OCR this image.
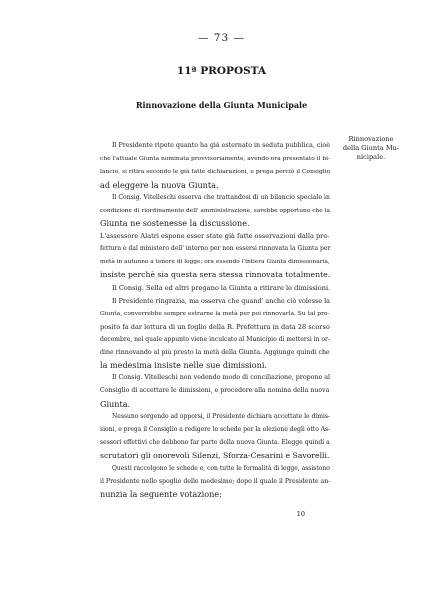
— 73 —
11ª PROPOSTA
Rinnovazione della Giunta Municipale
Rinnovazione
della Giunta Mu-
nicipale.
Il Presidente ripete quanto ha già esternato in seduta pubblica, cioè
che l'attuale Giunta nominata provvisoriamente, avendo ora presentato il bi-
lancio, si ritira secondo le già fatte dichiarazioni, e prega perciò il Consiglio
ad eleggere la nuova Giunta.
Il Consig. Vitelleschi osserva che trattandosi di un bilancio speciale in
condizione di riordinamento dell' amministrazione, sarebbe opportuno che la
Giunta ne sostenesse la discussione.
L'assessore Alatri espone esser state già fatte osservazioni dalla pre-
fettura e dal ministero dell' interno per non essersi rinnovata la Giunta per
metà in autunno a tenore di legge; ora essendo l'intiera Giunta dimissionaria,
insiste perchè sia questa sera stessa rinnovata totalmente.
Il Consig. Sella ed altri pregano la Giunta a ritirare le dimissioni.
Il Presidente ringrazia, ma osserva che quand' anche ciò volesse la
Giunta, converrebbe sempre estrarne la metà per poi rinnovarla. Su tal pro-
posito fa dar lettura di un foglio della R. Prefettura in data 28 scorso
decembre, nel quale appunto viene inculcato al Municipio di mettersi in or-
dine rinnovando al più presto la metà della Giunta. Aggiunge quindi che
la medesima insiste nelle sue dimissioni.
Il Consig. Vitelleschi non vedendo modo di conciliazione, propone al
Consiglio di accettare le dimissioni, e procedere alla nomina della nuova
Giunta.
Nessuno sorgendo ad opporsi, il Presidente dichiara accettate le dimis-
sioni, e prega il Consiglio a redigere le schede per la elezione degli otto As-
sessori effettivi che debbono far parte della nuova Giunta. Elegge quindi a
scrutatori gli onorevoli Silenzi, Sforza-Cesarini e Savorelli.
Questi raccolgono le schede e, con tutte le formalità di legge, assistono
il Presidente nello spoglio delle medesime; dopo il quale il Presidente an-
nunzia la seguente votazione:
10
